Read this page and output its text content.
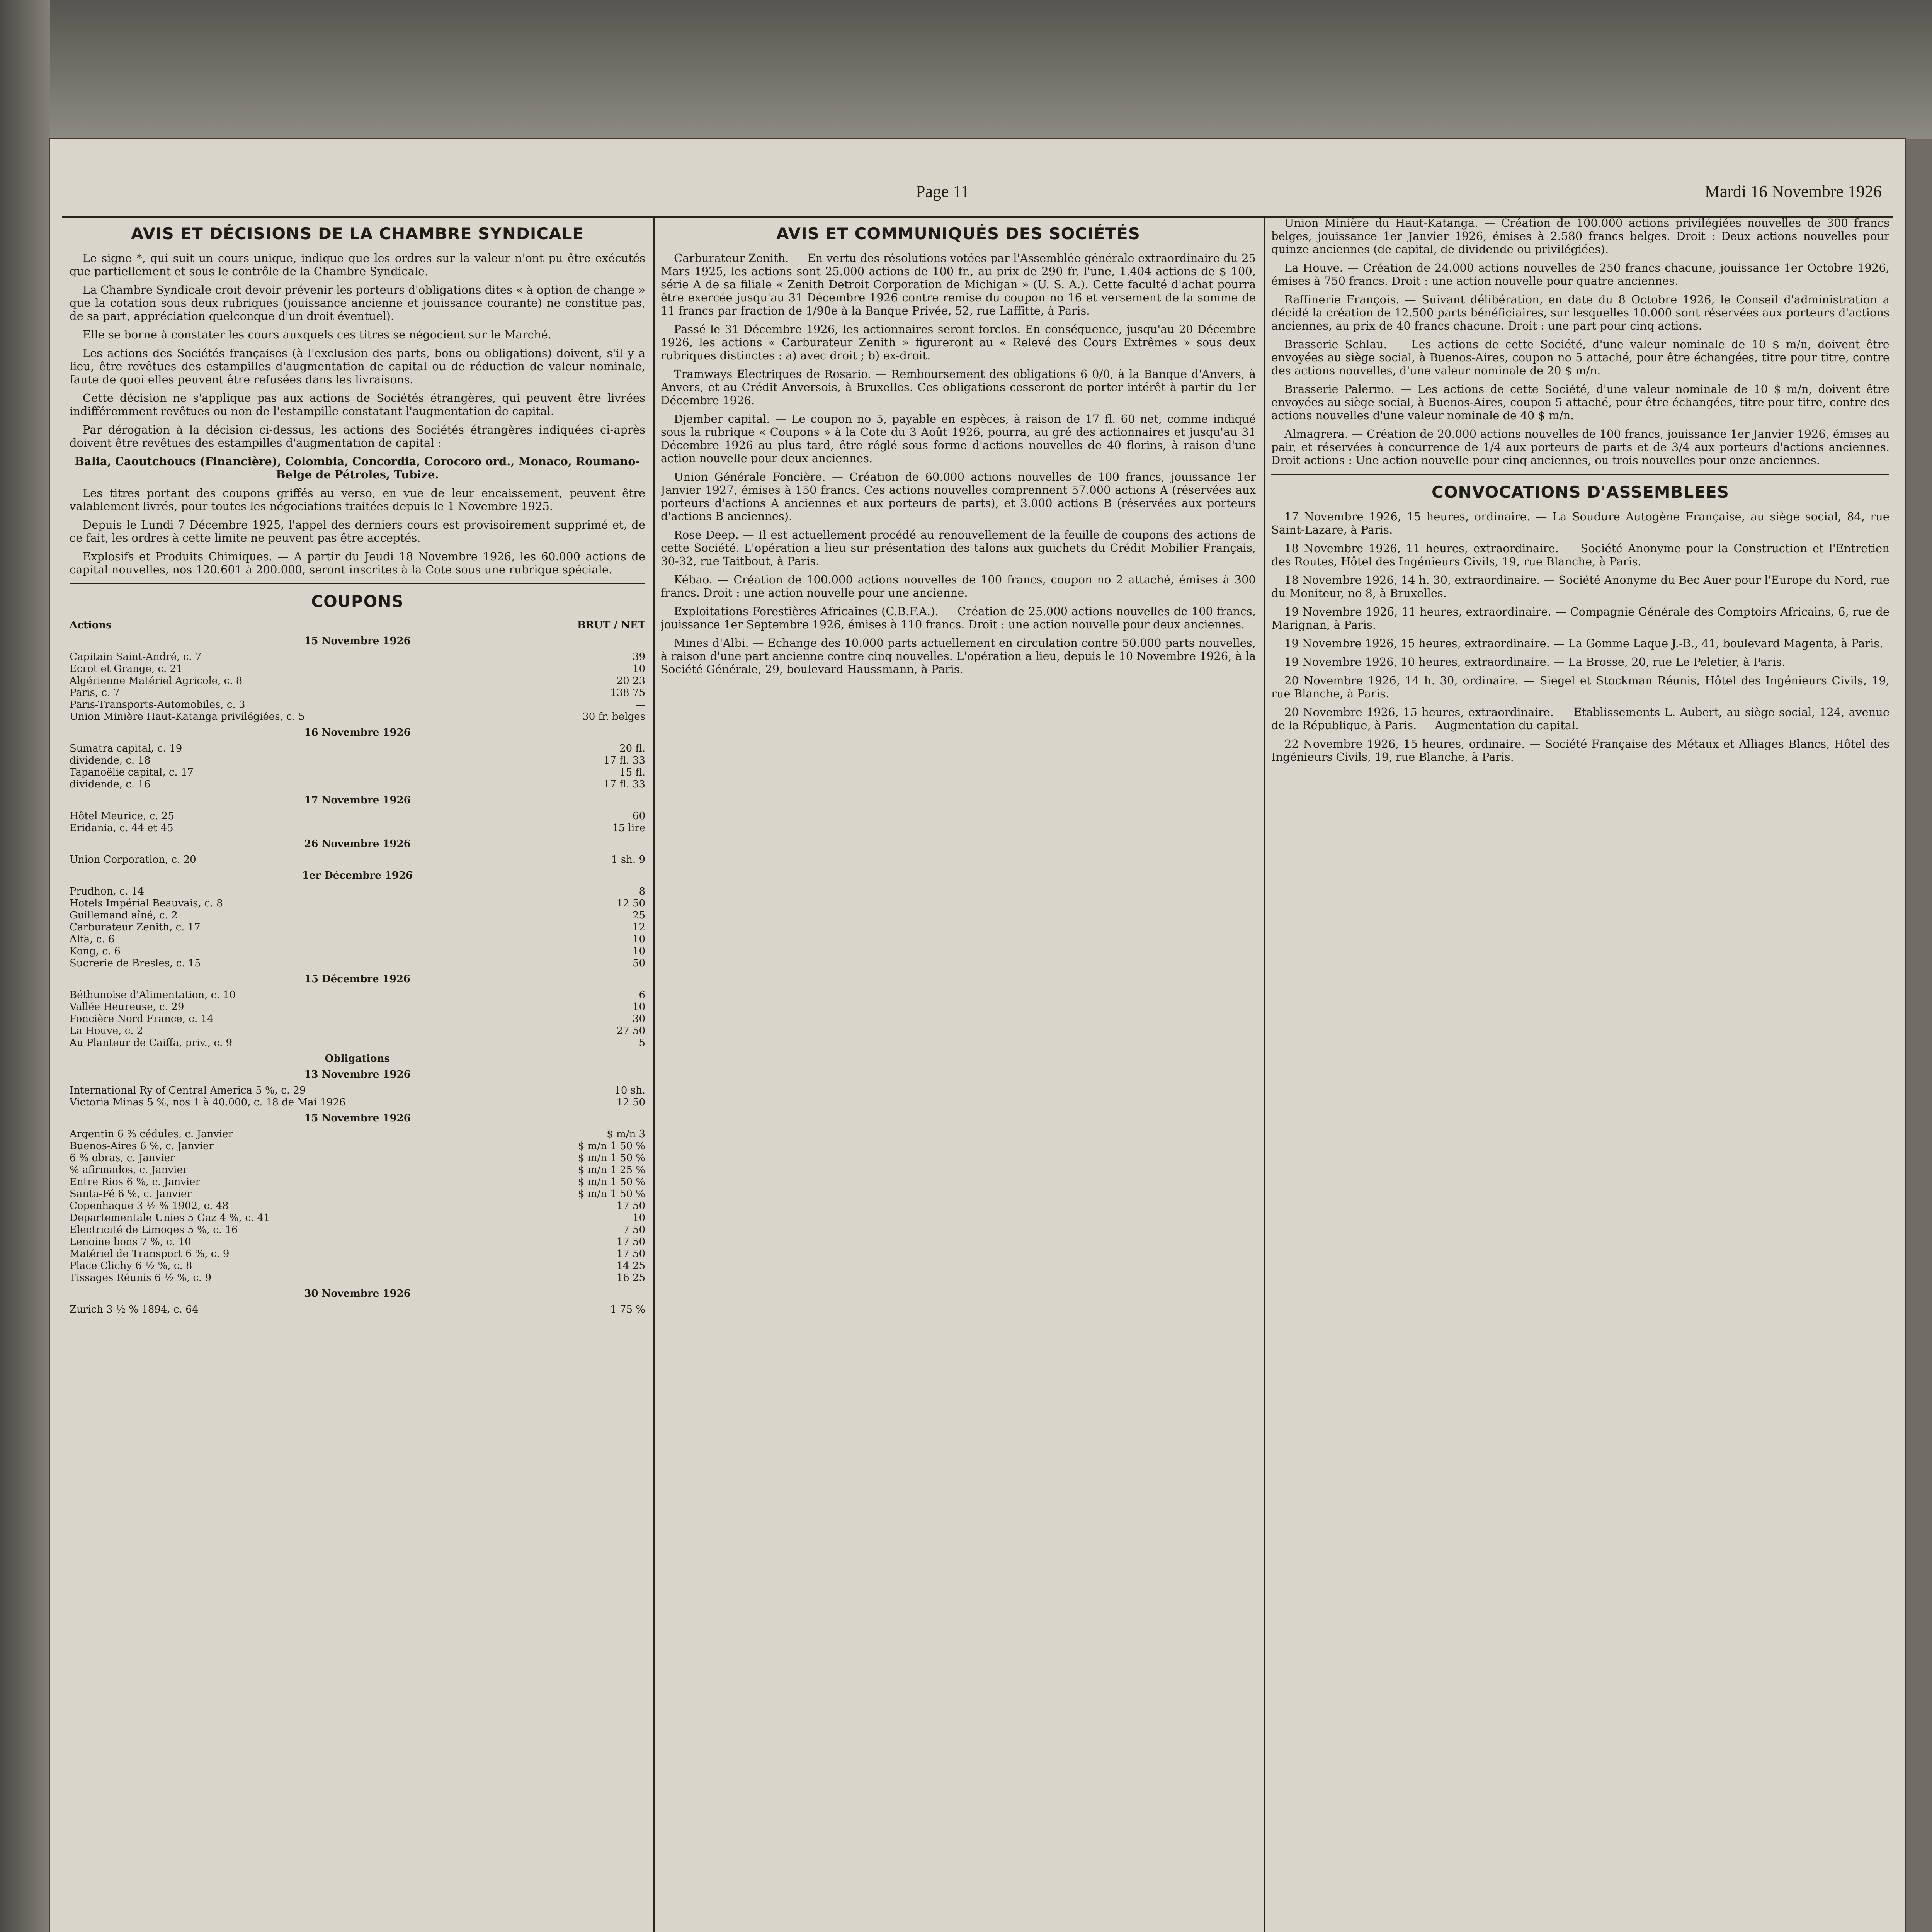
Page 11	Mardi 16 Novembre 1926
AVIS ET DÉCISIONS DE LA CHAMBRE SYNDICALE

Le signe *, qui suit un cours unique, indique que les ordres sur la valeur n'ont pu être exécutés que partiellement et sous le contrôle de la Chambre Syndicale.

La Chambre Syndicale croit devoir prévenir les porteurs d'obligations dites « à option de change » que la cotation sous deux rubriques (jouissance ancienne et jouissance courante) ne constitue pas, de sa part, appréciation quelconque d'un droit éventuel).

Elle se borne à constater les cours auxquels ces titres se négocient sur le Marché.

Les actions des Sociétés françaises (à l'exclusion des parts, bons ou obligations) doivent, s'il y a lieu, être revêtues des estampilles d'augmentation de capital ou de réduction de valeur nominale, faute de quoi elles peuvent être refusées dans les livraisons.

Cette décision ne s'applique pas aux actions de Sociétés étrangères, qui peuvent être livrées indifféremment revêtues ou non de l'estampille constatant l'augmentation de capital.

Par dérogation à la décision ci-dessus, les actions des Sociétés étrangères indiquées ci-après doivent être revêtues des estampilles d'augmentation de capital :

Balia, Caoutchoucs (Financière), Colombia, Concordia, Corocoro ord., Monaco, Roumano-Belge de Pétroles, Tubize.

Les titres portant des coupons griffés au verso, en vue de leur encaissement, peuvent être valablement livrés, pour toutes les négociations traitées depuis le 1 Novembre 1925.

Depuis le Lundi 7 Décembre 1925, l'appel des derniers cours est provisoirement supprimé et, de ce fait, les ordres à cette limite ne peuvent pas être acceptés.

Explosifs et Produits Chimiques. — A partir du Jeudi 18 Novembre 1926, les 60.000 actions de capital nouvelles, nos 120.601 à 200.000, seront inscrites à la Cote sous une rubrique spéciale.

COUPONS
Actions	BRUT / NET
15 Novembre 1926
Capitain Saint-André, c. 7	39
Ecrot et Grange, c. 21	10
Algérienne Matériel Agricole, c. 8	20 23
Paris, c. 7	138 75
Paris-Transports-Automobiles, c. 3	—
Union Minière Haut-Katanga privilégiées, c. 5	30 fr. belges
16 Novembre 1926
Sumatra capital, c. 19	20 fl.
dividende, c. 18	17 fl. 33
Tapanoëlie capital, c. 17	15 fl.
dividende, c. 16	17 fl. 33
17 Novembre 1926
Hôtel Meurice, c. 25	60
Eridania, c. 44 et 45	15 lire
26 Novembre 1926
Union Corporation, c. 20	1 sh. 9
1er Décembre 1926
Prudhon, c. 14	8
Hotels Impérial Beauvais, c. 8	12 50
Guillemand aîné, c. 2	25
Carburateur Zenith, c. 17	12
Alfa, c. 6	10
Kong, c. 6	10
Sucrerie de Bresles, c. 15	50
15 Décembre 1926
Béthunoise d'Alimentation, c. 10	6
Vallée Heureuse, c. 29	10
Foncière Nord France, c. 14	30
La Houve, c. 2	27 50
Au Planteur de Caiffa, priv., c. 9	5
Obligations
13 Novembre 1926
International Ry of Central America 5 %, c. 29	10 sh.
Victoria Minas 5 %, nos 1 à 40.000, c. 18 de Mai 1926	12 50
15 Novembre 1926
Argentin 6 % cédules, c. Janvier	$ m/n 3
Buenos-Aires 6 %, c. Janvier	$ m/n 1 50 %
6 % obras, c. Janvier	$ m/n 1 50 %
% afirmados, c. Janvier	$ m/n 1 25 %
Entre Rios 6 %, c. Janvier	$ m/n 1 50 %
Santa-Fé 6 %, c. Janvier	$ m/n 1 50 %
Copenhague 3 ½ % 1902, c. 48	17 50
Departementale Unies 5 Gaz 4 %, c. 41	10
Electricité de Limoges 5 %, c. 16	7 50
Lenoine bons 7 %, c. 10	17 50
Matériel de Transport 6 %, c. 9	17 50
Place Clichy 6 ½ %, c. 8	14 25
Tissages Réunis 6 ½ %, c. 9	16 25
30 Novembre 1926
Zurich 3 ½ % 1894, c. 64	1 75 %
AVIS ET COMMUNIQUÉS DES SOCIÉTÉS

Carburateur Zenith. — En vertu des résolutions votées par l'Assemblée générale extraordinaire du 25 Mars 1925, les actions sont 25.000 actions de 100 fr., au prix de 290 fr. l'une, 1.404 actions de $ 100, série A de sa filiale « Zenith Detroit Corporation de Michigan » (U. S. A.). Cette faculté d'achat pourra être exercée jusqu'au 31 Décembre 1926 contre remise du coupon no 16 et versement de la somme de 11 francs par fraction de 1/90e à la Banque Privée, 52, rue Laffitte, à Paris.

Passé le 31 Décembre 1926, les actionnaires seront forclos. En conséquence, jusqu'au 20 Décembre 1926, les actions « Carburateur Zenith » figureront au « Relevé des Cours Extrêmes » sous deux rubriques distinctes : a) avec droit ; b) ex-droit.

Tramways Electriques de Rosario. — Remboursement des obligations 6 0/0, à la Banque d'Anvers, à Anvers, et au Crédit Anversois, à Bruxelles. Ces obligations cesseront de porter intérêt à partir du 1er Décembre 1926.

Djember capital. — Le coupon no 5, payable en espèces, à raison de 17 fl. 60 net, comme indiqué sous la rubrique « Coupons » à la Cote du 3 Août 1926, pourra, au gré des actionnaires et jusqu'au 31 Décembre 1926 au plus tard, être réglé sous forme d'actions nouvelles de 40 florins, à raison d'une action nouvelle pour deux anciennes.

Union Générale Foncière. — Création de 60.000 actions nouvelles de 100 francs, jouissance 1er Janvier 1927, émises à 150 francs. Ces actions nouvelles comprennent 57.000 actions A (réservées aux porteurs d'actions A anciennes et aux porteurs de parts), et 3.000 actions B (réservées aux porteurs d'actions B anciennes).

Rose Deep. — Il est actuellement procédé au renouvellement de la feuille de coupons des actions de cette Société. L'opération a lieu sur présentation des talons aux guichets du Crédit Mobilier Français, 30-32, rue Taitbout, à Paris.

Kébao. — Création de 100.000 actions nouvelles de 100 francs, coupon no 2 attaché, émises à 300 francs. Droit : une action nouvelle pour une ancienne.

Exploitations Forestières Africaines (C.B.F.A.). — Création de 25.000 actions nouvelles de 100 francs, jouissance 1er Septembre 1926, émises à 110 francs. Droit : une action nouvelle pour deux anciennes.

Mines d'Albi. — Echange des 10.000 parts actuellement en circulation contre 50.000 parts nouvelles, à raison d'une part ancienne contre cinq nouvelles. L'opération a lieu, depuis le 10 Novembre 1926, à la Société Générale, 29, boulevard Haussmann, à Paris.

Union Minière du Haut-Katanga. — Création de 100.000 actions privilégiées nouvelles de 300 francs belges, jouissance 1er Janvier 1926, émises à 2.580 francs belges. Droit : Deux actions nouvelles pour quinze anciennes (de capital, de dividende ou privilégiées).

La Houve. — Création de 24.000 actions nouvelles de 250 francs chacune, jouissance 1er Octobre 1926, émises à 750 francs. Droit : une action nouvelle pour quatre anciennes.

Raffinerie François. — Suivant délibération, en date du 8 Octobre 1926, le Conseil d'administration a décidé la création de 12.500 parts bénéficiaires, sur lesquelles 10.000 sont réservées aux porteurs d'actions anciennes, au prix de 40 francs chacune. Droit : une part pour cinq actions.

Brasserie Schlau. — Les actions de cette Société, d'une valeur nominale de 10 $ m/n, doivent être envoyées au siège social, à Buenos-Aires, coupon no 5 attaché, pour être échangées, titre pour titre, contre des actions nouvelles, d'une valeur nominale de 20 $ m/n.

Brasserie Palermo. — Les actions de cette Société, d'une valeur nominale de 10 $ m/n, doivent être envoyées au siège social, à Buenos-Aires, coupon 5 attaché, pour être échangées, titre pour titre, contre des actions nouvelles d'une valeur nominale de 40 $ m/n.

Almagrera. — Création de 20.000 actions nouvelles de 100 francs, jouissance 1er Janvier 1926, émises au pair, et réservées à concurrence de 1/4 aux porteurs de parts et de 3/4 aux porteurs d'actions anciennes. Droit actions : Une action nouvelle pour cinq anciennes, ou trois nouvelles pour onze anciennes.

CONVOCATIONS D'ASSEMBLEES

17 Novembre 1926, 15 heures, ordinaire. — La Soudure Autogène Française, au siège social, 84, rue Saint-Lazare, à Paris.

18 Novembre 1926, 11 heures, extraordinaire. — Société Anonyme pour la Construction et l'Entretien des Routes, Hôtel des Ingénieurs Civils, 19, rue Blanche, à Paris.

18 Novembre 1926, 14 h. 30, extraordinaire. — Société Anonyme du Bec Auer pour l'Europe du Nord, rue du Moniteur, no 8, à Bruxelles.

19 Novembre 1926, 11 heures, extraordinaire. — Compagnie Générale des Comptoirs Africains, 6, rue de Marignan, à Paris.

19 Novembre 1926, 15 heures, extraordinaire. — La Gomme Laque J.-B., 41, boulevard Magenta, à Paris.

19 Novembre 1926, 10 heures, extraordinaire. — La Brosse, 20, rue Le Peletier, à Paris.

20 Novembre 1926, 14 h. 30, ordinaire. — Siegel et Stockman Réunis, Hôtel des Ingénieurs Civils, 19, rue Blanche, à Paris.

20 Novembre 1926, 15 heures, extraordinaire. — Etablissements L. Aubert, au siège social, 124, avenue de la République, à Paris. — Augmentation du capital.

22 Novembre 1926, 15 heures, ordinaire. — Société Française des Métaux et Alliages Blancs, Hôtel des Ingénieurs Civils, 19, rue Blanche, à Paris.
